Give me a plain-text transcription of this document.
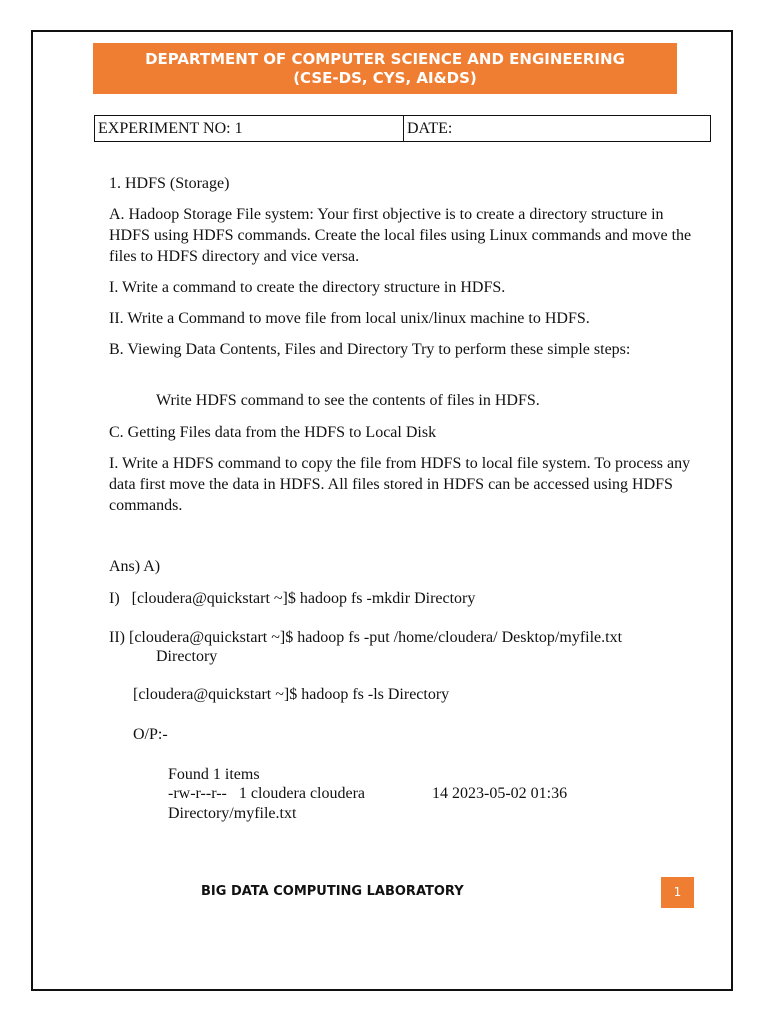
DEPARTMENT OF COMPUTER SCIENCE AND ENGINEERING
(CSE-DS, CYS, AI&DS)
EXPERIMENT NO: 1	DATE:
1. HDFS (Storage)
A. Hadoop Storage File system: Your first objective is to create a directory structure in HDFS using HDFS commands. Create the local files using Linux commands and move the files to HDFS directory and vice versa.
I. Write a command to create the directory structure in HDFS.
II. Write a Command to move file from local unix/linux machine to HDFS.
B. Viewing Data Contents, Files and Directory Try to perform these simple steps:
Write HDFS command to see the contents of files in HDFS.
C. Getting Files data from the HDFS to Local Disk
I. Write a HDFS command to copy the file from HDFS to local file system. To process any data first move the data in HDFS. All files stored in HDFS can be accessed using HDFS commands.
Ans) A)
I)   [cloudera@quickstart ~]$ hadoop fs -mkdir Directory
II) [cloudera@quickstart ~]$ hadoop fs -put /home/cloudera/ Desktop/myfile.txt
Directory
[cloudera@quickstart ~]$ hadoop fs -ls Directory
O/P:-
Found 1 items
-rw-r--r--   1 cloudera cloudera	14 2023-05-02 01:36
Directory/myfile.txt
BIG DATA COMPUTING LABORATORY	1
